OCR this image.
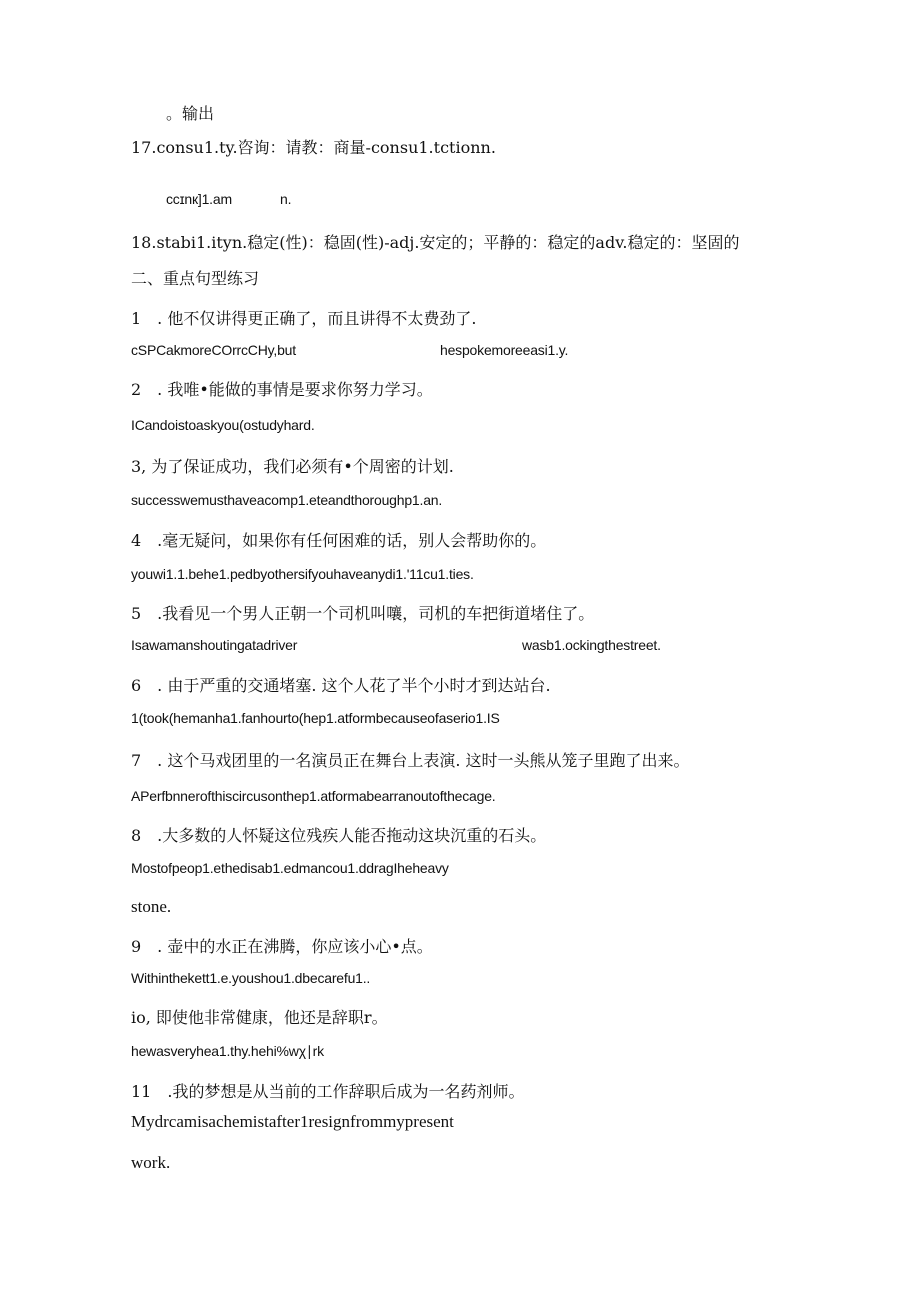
。输出
17.consu1.ty.咨询：请教：商量-consu1.tctionn.
ccɪnк]1.am	n.
18.stabi1.ityn.稳定(性)：稳固(性)-adj.安定的；平静的：稳定的adv.稳定的：坚固的
二、重点句型练习
1　. 他不仅讲得更正确了，而且讲得不太费劲了.
cSPCakmoreCOrrcCHy,but	hespokemoreeasi1.y.
2　. 我唯•能做的事情是要求你努力学习。
ICandoistoaskyou(ostudyhard.
3, 为了保证成功，我们必须有•个周密的计划.
successwemusthaveacomp1.eteandthoroughp1.an.
4　.毫无疑问，如果你有任何困难的话，别人会帮助你的。
youwi1.1.behe1.pedbyothersifyouhaveanydi1.'11cu1.ties.
5　.我看见一个男人正朝一个司机叫嚷，司机的车把街道堵住了。
Isawamanshoutingatadriver	wasb1.ockingthestreet.
6　. 由于严重的交通堵塞. 这个人花了半个小时才到达站台.
1(took(hemanha1.fanhourto(hep1.atformbecauseofaserio1.IS
7　. 这个马戏团里的一名演员正在舞台上表演. 这时一头熊从笼子里跑了出来。
APerfbnnerofthiscircusonthep1.atformabearranoutofthecage.
8　.大多数的人怀疑这位残疾人能否拖动这块沉重的石头。
Mostofpeop1.ethedisab1.edmancou1.ddragIheheavy
stone.
9　. 壶中的水正在沸腾，你应该小心•点。
Withinthekett1.e.youshou1.dbecarefu1..
io, 即使他非常健康，他还是辞职r。
hewasveryhea1.thy.hehi%wχ∣rk
11　.我的梦想是从当前的工作辞职后成为一名药剂师。
Mydrcamisachemistafter1resignfrommypresent
work.
